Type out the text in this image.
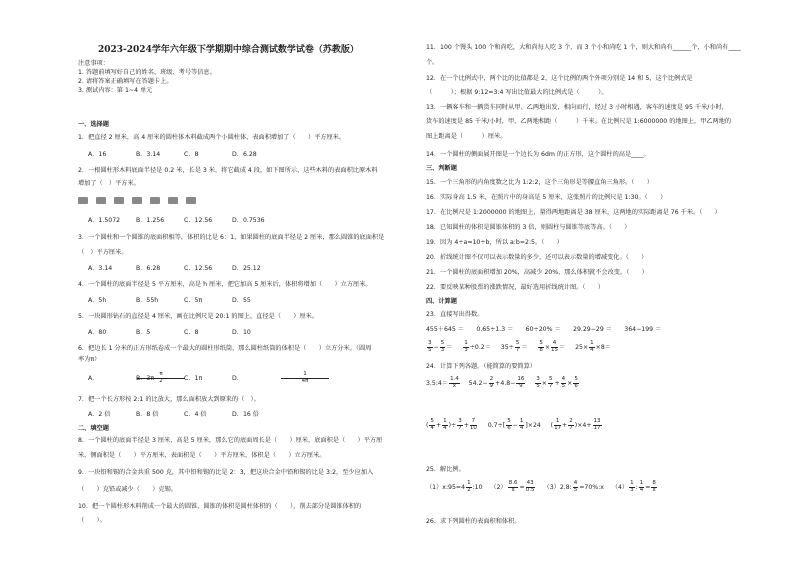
2023-2024学年六年级下学期期中综合测试数学试卷（苏教版）
注意事项：
1. 答题前填写好自己的姓名、班级、考号等信息。
2. 请将答案正确填写在答题卡上。
3. 测试内容：第 1~4 单元
一、选择题
1．把直径 2 厘米，高 4 厘米的圆柱体木料截成两个小圆柱体，表面积增加了（　　）平方厘米。
A．16	B．3.14	C．8	D．6.28
2．一根圆柱形木料底面半径是 0.2 米，长是 3 米，将它截成 4 段，如下图所示，这些木料的表面积比原木料
增加了（　）平方米。
A．1.5072	B．1.256	C．12.56	D．0.7536
3．一个圆柱和一个圆锥的底面积相等，体积的比是 6：1，如果圆柱的底面半径是 2 厘米，那么圆锥的底面积是
（　）平方厘米。
A．3.14	B．6.28	C．12.56	D．25.12
4．一个圆柱的底面半径是 5 平方厘米，高是 h 厘米，把它加高 5 厘米后，体积将增加（　　）立方厘米。
A．5h	B．55h	C．5π	D．55
5．一块圆形钻石的直径是 4 厘米，画在比例尺是 20:1 的图上，直径是（　　）厘米。
A．80	B．5	C．8	D．10
6．把边长 1 分米的正方形纸卷成一个最大的圆柱形纸筒，那么圆柱纸筒的体积是（　　）立方分米。（圆周
率为π）
A．	$\frac{\pi}{2}$
B．3π	C．1π	D．	$\frac{1}{4\pi}$
7．把一个长方形按 2:1 的比放大，那么面积放大到原来的（　）。
A．2 倍	B．8 倍	C．4 倍	D．16 倍
二、填空题
8．一个圆柱的底面半径是 3 厘米，高是 5 厘米，那么它的底面周长是（　　）厘米，底面积是（　　）平方厘
米，侧面积是（　　）平方厘米，表面积是（　　）平方厘米，体积是（　　）立方厘米。
9．一块铅和锡的合金共重 500 克，其中铅和锡的比是 2：3，把这块合金中铅和锡的比是 3:2，至少应加入
（　　）克铅或减少（　　）克锡。
10．把一个圆柱形木料削成一个最大的圆锥，圆锥的体积是圆柱体积的（　　），削去部分是圆锥体积的
（　　）。
11．100 个馒头 100 个和尚吃，大和尚每人吃 3 个，而 3 个小和尚吃 1 个，则大和尚有______个，小和尚有____
个。
12．在一个比例式中，两个比的比值都是 2，这个比例的两个外项分别是 14 和 5，这个比例式是
（　　　）；根据 9:12=3:4 写出比值最大的比例式是（　　　）。
13．一辆客车和一辆货车同时从甲、乙两地出发，相向而行，经过 3 小时相遇，客车的速度是 95 千米/小时，
货车的速度是 85 千米/小时，甲、乙两地相距（　　　）千米。在比例尺是 1:6000000 的地图上，甲乙两地的
图上距离是（　　　）厘米。
14．一个圆柱的侧面展开图是一个边长为 6dm 的正方形，这个圆柱的高是____。
三、判断题
15．一个三角形的内角度数之比为 1:2:2，这个三角形是等腰直角三角形。（　　）
16．实际身高 1.5 米，在照片中的身高是 5 厘米，这张照片的比例尺是 1:30。（　　）
17．在比例尺是 1:2000000 的地图上，量得两地距离是 38 厘米，这两地的实际距离是 76 千米。（　　）
18．已知圆柱的体积是圆锥体积的 3 倍，则圆柱与圆锥等底等高。（　　）
19．因为 4÷a=10÷b，所以 a:b=2:5。（　　）
20．折线统计图不仅可以表示数量的多少，还可以表示数量的增减变化。（　　）
21．一个圆柱的底面积增加 20%，高减少 20%，那么体积就不会改变。（　　）
22．要反映某种股票的涨跌情况，最好选用折线统计图。（　　）
四、计算题
23．直接写出得数。
455＋645 ＝　　0.65÷1.3 ＝　　60÷20% ＝　　29.29−29 ＝　　364−199 ＝
$\frac{3}{5} - \frac{5}{3} = \frac{1}{3} \div 0.2=$     $35\div \frac{5}{7} = \frac{5}{8} \times \frac{4}{15}$ ＝     $25\times \frac{1}{4} \times 8=$
24．计算下列各题。（能简算的要简算）
3.5:4＝ $\frac{1.4}{x} 54.2- \frac{2}{9} +4.8- \frac{16}{9}$
$\frac{3}{5} \times \frac{5}{7} + \frac{4}{5} \times \frac{5}{6}$
( $\frac{5}{4} + \frac{1}{4}$ )÷ $\frac{3}{7} + \frac{7}{10} 0.7\div[ \frac{5}{6} - \frac{1}{4} ]\times 24$     ( $\frac{1}{17} + \frac{2}{7} )\times 4+ \frac{13}{17}$
25．解比例。
（1）x:95=4 $\frac{1}{2}$ :10    $(2) \frac{8.6}{x} = \frac{43}{0.5} (3)2.8$: $\frac{4}{5}$ =70%:x    $(4) \frac{1}{3}$ : $\frac{1}{4} = \frac{8}{x}$
26．求下列圆柱的表面积和体积。
